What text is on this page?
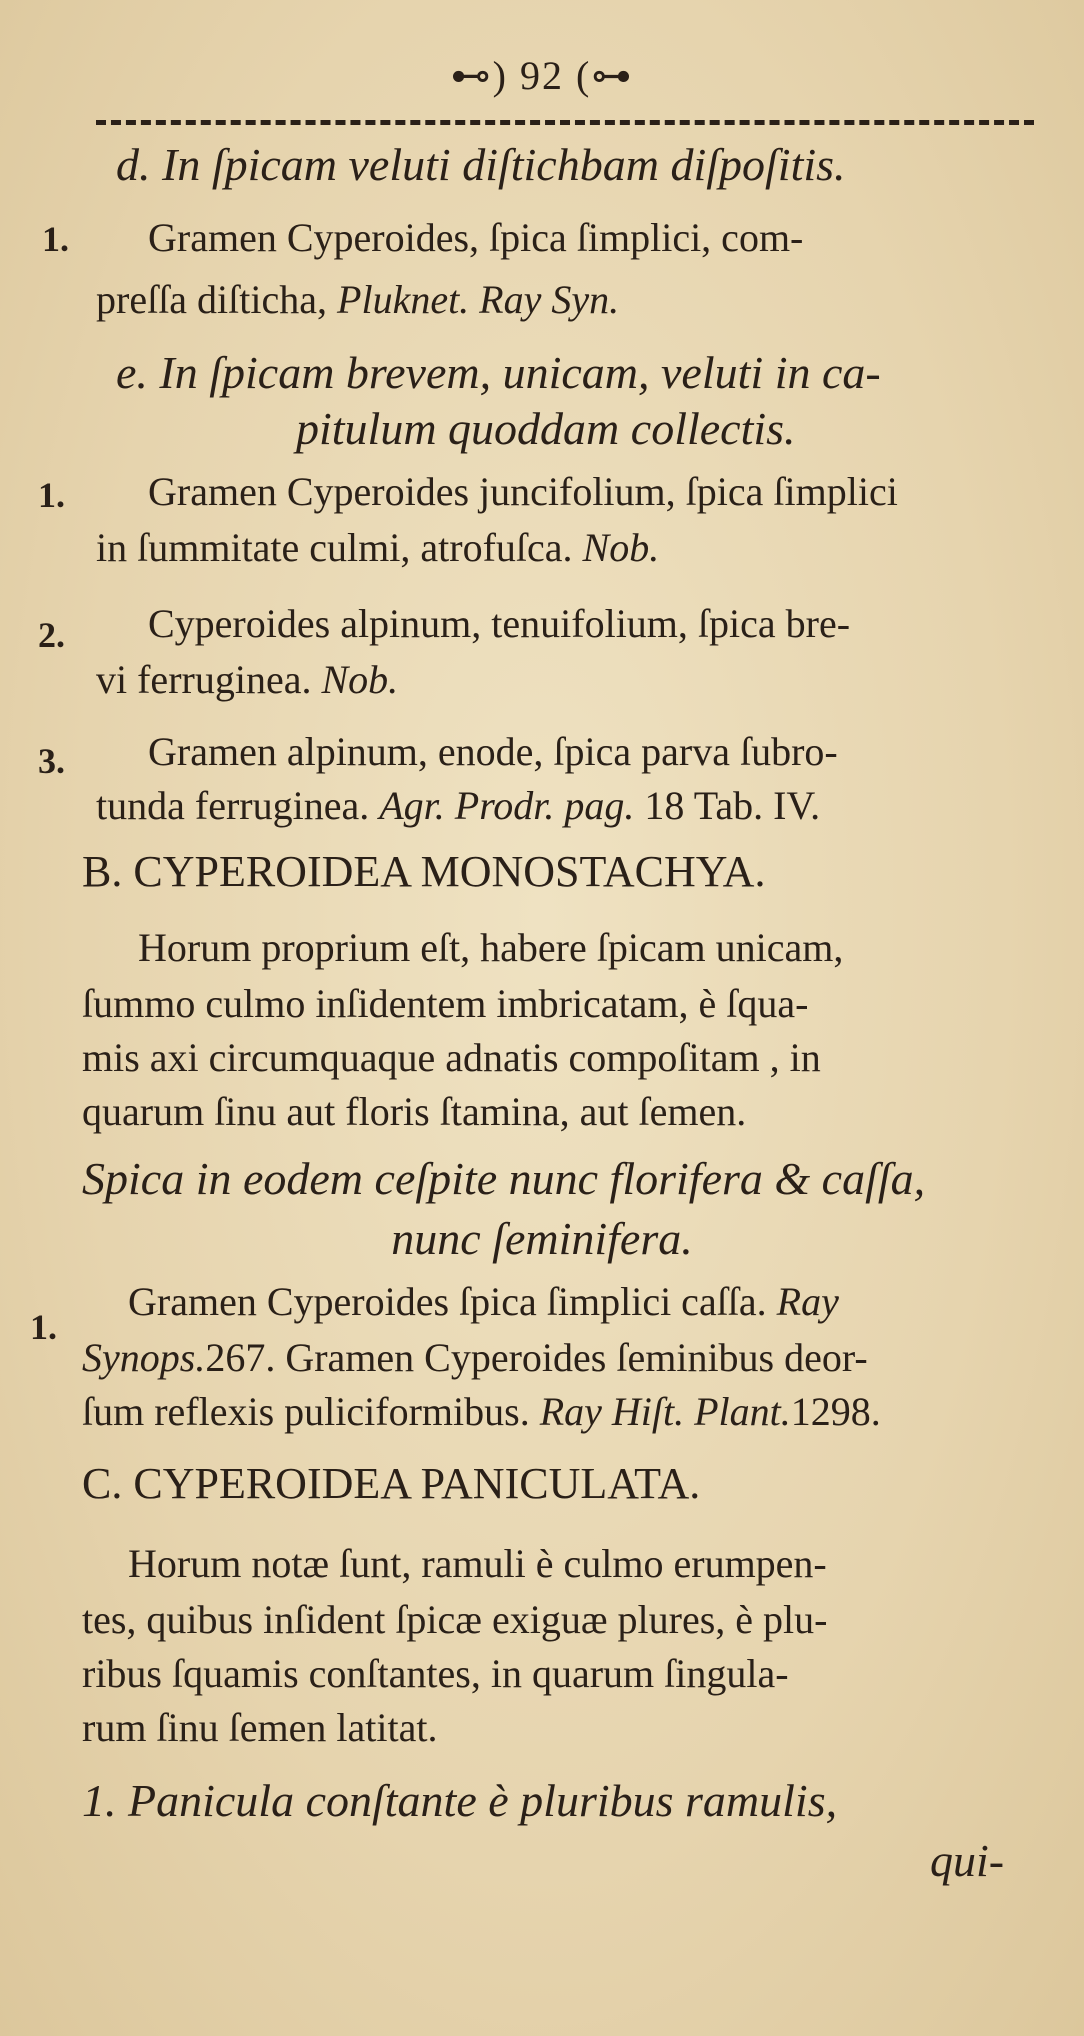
⊷) 92 (⊶
d. In ſpicam veluti diſtichbam diſpoſitis.
1. Gramen Cyperoides, ſpica ſimplici, com-
preſſa diſticha, Pluknet. Ray Syn.
e. In ſpicam brevem, unicam, veluti in ca-
pitulum quoddam collectis.
1. Gramen Cyperoides juncifolium, ſpica ſimplici
in ſummitate culmi, atrofuſca. Nob.
2. Cyperoides alpinum, tenuifolium, ſpica bre-
vi ferruginea. Nob.
3. Gramen alpinum, enode, ſpica parva ſubro-
tunda ferruginea. Agr. Prodr. pag. 18 Tab. IV.
B. CYPEROIDEA MONOSTACHYA.
Horum proprium eſt, habere ſpicam unicam,
ſummo culmo inſidentem imbricatam, è ſqua-
mis axi circumquaque adnatis compoſitam , in
quarum ſinu aut floris ſtamina, aut ſemen.
Spica in eodem ceſpite nunc florifera & caſſa,
nunc ſeminifera.
1.
Gramen Cyperoides ſpica ſimplici caſſa. Ray
Synops.267. Gramen Cyperoides ſeminibus deor-
ſum reflexis puliciformibus. Ray Hiſt. Plant.1298.
C. CYPEROIDEA PANICULATA.
Horum notæ ſunt, ramuli è culmo erumpen-
tes, quibus inſident ſpicæ exiguæ plures, è plu-
ribus ſquamis conſtantes, in quarum ſingula-
rum ſinu ſemen latitat.
1. Panicula conſtante è pluribus ramulis,
qui-
